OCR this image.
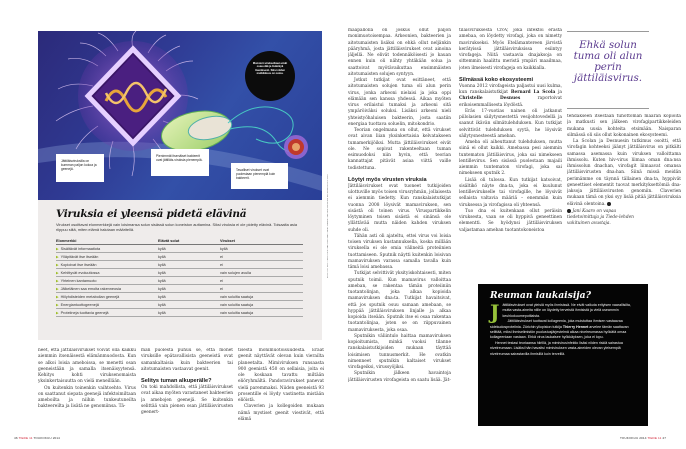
Monsteri-viruksetkaan eivät osaa elää ja lisääntyä itsenäisesti. Siksi niiden mutkikkuus on outoa.
Jättiläisviruksilla on kumman paljon kokoa ja geenejä.
Pienimmät itsenäiset bakteerit ovat jättiläis-viruksia pienempiä.
Tavalliset virukset ovat puolestaan pienempiä kuin bakteerit.	KUVITUS: SHUTTERSTOCK / ANTERO PALTTALA · LÄHDE: NATURE REVIEWS MICROBIOLOGY 2019
Viruksia ei yleensä pidetä elävinä

Virukset osoittavat elonmerkkejä vain loisimansa solun sisässä solun koneiston auttamina. Siksi viruksia ei ole pidetty elävinä. Toisaalta asia riippuu siitä, miten elämä halutaan määritellä.

Elonmerkki	Elävät solut	Virukset
▶ Sisältävät informaatiota	kyllä	kyllä
▶ Ylläpitävät itse itseään	kyllä	ei
▶ Kopioivat itse itseään	kyllä	ei
▶ Kehittyvät evoluutiossa	kyllä	vain solujen avulla
▶ Yhteinen kantamuoto	kyllä	ei
▶ Jälkeläinen saa emolta rakenneosia	kyllä	ei
▶ Hiilyhdisteiden metabolian geenejä	kyllä	vain soluilta saatuja
▶ Energiantuottogeenejä	kyllä	vain soluilta saatuja
▶ Proteiineja tuottavia geenejä	kyllä	vain soluilta saatuja

neet, että jättiläisvirukset voivat olla kaikku aiemmin itsenäisestä elämänmuodosta. Kun se alkoi loisia ameboissa, se menetti osan geeneistään ja samalla itsenäisyytensä. Kehitys kohti viruksenomaista yksinkertaisuutta on vielä meneillään.

On kuitenkin toinenkin vaihtoehto. Virus on saattanut siepata geenejä infektoimiltaan ameboilta ja niihin tunkeutuneilta bakteereilta ja lisätä ne genomiinsa. Tä-

män puolesta puhuu se, että monet viruksille epätavallisista geeneistä ovat samankaltaisia kuin bakteerien tai aitotumaisten vastaavat geenit.

Selitys tuman alkuperälle?

On toki mahdollista, että jättiläisvirukset ovat aikaa myöten varastaneet bakteerien ja amebojen geenejä. Se kuitenkin selittää vain pienen osan jättiläisvirusten geenert-

tisestä monimuotoisuudesta. Eräät geenit näyttävät olevan kuin vierailta planeetalta. Mimiviruksen runsaasta 900 geenistä 450 on sellaisia, joita ei ole koskaan tavattu miltään eliöryhmältä. Pandoravirukset panevat vielä paremmaksi. Niiden geeneistä 93 prosentille ei löydy vastinetta mistään eliöistä.

Claverien ja kollegoiden mukaan nämä mystiset geenit viestivät, että elämä

maapallolla on joskus ollut paljon monimuotoisempaa. Arkeonien, bakteerien ja aitotumaisten lisäksi on ehkä ollut neljänkin pääryhmä, josta jättiläisvirukset ovat ainoina jäljellä. Ne elivät todennäköisesti jo kauan ennen kuin oli nähty yhtäkään solua ja saattoivat myötävaikuttaa ensimmäisten aitotumaisten solujen syntyyn.

Jotkut tutkijat ovat esittäneet, että aitotumaisten solujen tuma oli alun perin virus, jonka arkeoni nielaisi ja joka oppi elämään sen kanssa yhdessä. Aikaa myöten virus erilaistui tumaksi ja arkeoni sitä ympäröiväksi soluksi. Lisäksi arkeoni nieli yhteistyöhaluisen bakteerin, josta saatiin energiaa tuottava soluelin, mitokondrio.

Teorian ongelmana on ollut, että virukset ovat aivan liian yksinkertaisia kelvatakseen tumamerkijöiksi. Mutta jättiläisvirukset eivät ole. Ne sopivat rakenteeltaan tuman esimuodoksi niin hyvin, että teorian kannattajat pitävät asiaa viittä vaille todistettuna.

Löytyi myös virusten viruksia

Jättiläisvirukset ovat tuoneet tutkijoiden ulottuville myös toisen virusryhmän, jollaisesta ei aiemmin tiedetty. Kun ranskalaistutkijat vuonna 2008 löysivät mamaviruksen, sen sisästä oli toinen virus. Viruspartikkelin löytyminen toisen sisästä ei sinänsä ole yllättävää mutta näiden kahden viruksen suhde oli.

Tähän asti oli ajateltu, ettei virus voi loisia toisen viruksen kustannuksella, koska millään viruksella ei ole omia välineitä proteiinien tuottamiseen. Sputnik näytti kuitenkin loisivan mamaviruksen varassa samalla tavalla kuin tämä loisi amebassa.

Tutkijat selvittivät yksityiskohtaisesti, miten sputnik toimii. Kun mamavirus valloittaa ameban, se rakentaa tämän proteiiniin tuotantolinjan, joka alkaa kopioida mamaviruksen dna:ta. Tutkijat havaitsivat, että jos sputnik osuu samaan amebaan, se hyppää jättiläisviruksen linjalle ja alkaa kopioida itseään. Sputnik itse ei osaa rakentaa tuotantolinjaa, joten se on riippuvainen mamaviruksesta, joka osaa.

Sputnikin väliintulo haittaa mamaviruksen kopioitumista, minkä vuoksi tilanne ranskalaistutkijoiden mukaan täyttää loisimisen tunnusmerkit. He ovatkin nimenneet sputnikin kaltaiset virukset virofageiksi, virussyöjiksi.

Sputnikin jälkeen havaintoja jättiläisvirusten virofageista on saatu lisää. Jät-

tiläisviruksesta CroV, joka infektoi erästä amebaa, on löydetty virofagi, joka on nimetty mavirukseksi. Myös Etelämantereen järvistä kerätyissä jättiläisviruksissa esiintyy virofageja. Niitä vastaavia dnajaksoja on sittemmin haalittu meristä ympäri maailmaa, joten ilmeisesti virofageja on kaikkialla.

Silmässä koko ekosysteemi

Vuonna 2012 virofageista paljastui uusi kulma, kun ranskalaistutkijat Bernard La Scola ja Christelle Desnues raportoivat erikoisemmallisesta löydöstä.

Eräs 17-vuotias nainen oli jatkanut piilolasien säilytysnestettä vesijohtovedellä ja saanut ikävän silmätulehduksen. Kun tutkijat selvittivät tulehduksen syytä, he löysivät säilytysnesteestä ameban.

Ameba oli aiheuttanut tulehduksen, mutta siinä ei ollut kaikki. Amebassa pesi aiemmin tuntematon jättiläisvirus, joka sai nimekseen lentillevirus. Sen sisässä puolestaan majaili aiemmin tuntematon virofagi, joka sai nimekseen sputnik 2.

Lisää oli tulossa. Kun tutkijat katsoivat, sisältikö näyte dna:ta, joka ei kuulunut lentillevirukselle tai virofagille, he löysivät sellaista valtavia määriä – enemmän kuin viruksessa ja virofagissa oli yhteensä.

Tuo dna ei kuitenkaan ollut peräisin viruksesta, vaan se oli hyppivä geneettinen elementti. Se hyödynsi jättiläisviruksen valjastamaa ameban tuotantokoneistoa

Ehkä solun tuma oli alun perin jättiläisvirus.

tehdäkseen itsestään tuhottoman määrän kopioita ja matkusti sen jälkeen virofagipartikkeleiden mukana uusia kohteita etsimään. Naisparan silmässä oli siis ollut kokonainen ekosysteemi.

La Scolan ja Desnuesin tutkimus osoitti, että virofagin kohteeksi jäänyt jättiläisvirus on pitkälti samassa asemassa kuin viruksen valloittama ihmissolu. Kuten hiv-virus liimaa oman dna:nsa ihmissolun dnachan, virofagit liimaavat omansa jättiläisvirusten dna:han. Siinä missä meidän perimämme on täynnä tällainen dna:ta, hyppivät geneettiset elementit tuovat merkityksettömiä dna-jaksoja jättiläisvirusten genomiin. Claverien mukaan tämä on yksi syy lisää pitää jättiläisviruksia elävinä olentoina.

Jani Kaaro on vapaa
tiedetoimittaja ja Tiede-lehden
vakituinen avustaja.
Reuman laukaisija?

Jättiläisvirukset ovat yleisiä myös ihmisissä. Ne eivät vaikuta erityisen vaarallisilta, mutta vasta-aineita niille on löydetty terveistä ihmisistä ja vielä useammin keuhkokuumepotilaista.

Jättiläisvirukset tuottavat kollageenia, joka muistuttaa ihmisen vastaavaa sidekudosproteiinia. Zürichin yliopiston tutkija Thierry Hennet arvelee tämän saattavan selittää, miksi ihmiselimistön puolustusjärjestelmä alkaa nivelreumassa hyökätä omaa kollageeniaan vastaan. Ehkä virus laukaisee hyökkäyksen, joka ei lopu.

Hennet testasi teoriaansa hiirillä, ja mimivirusinfektio lisäsi niiden riskiä sairastua nivelreumaan. Lisäksi hän havaitsi mimiviruksen vasta-aineiden olevan yleisempiä nivelreumaa sairastavilla ihmisillä kuin terveillä.

46 TIEDE 11 TOUKOKUU 2014	TOUKOKUU 2014 TIEDE 11 47
